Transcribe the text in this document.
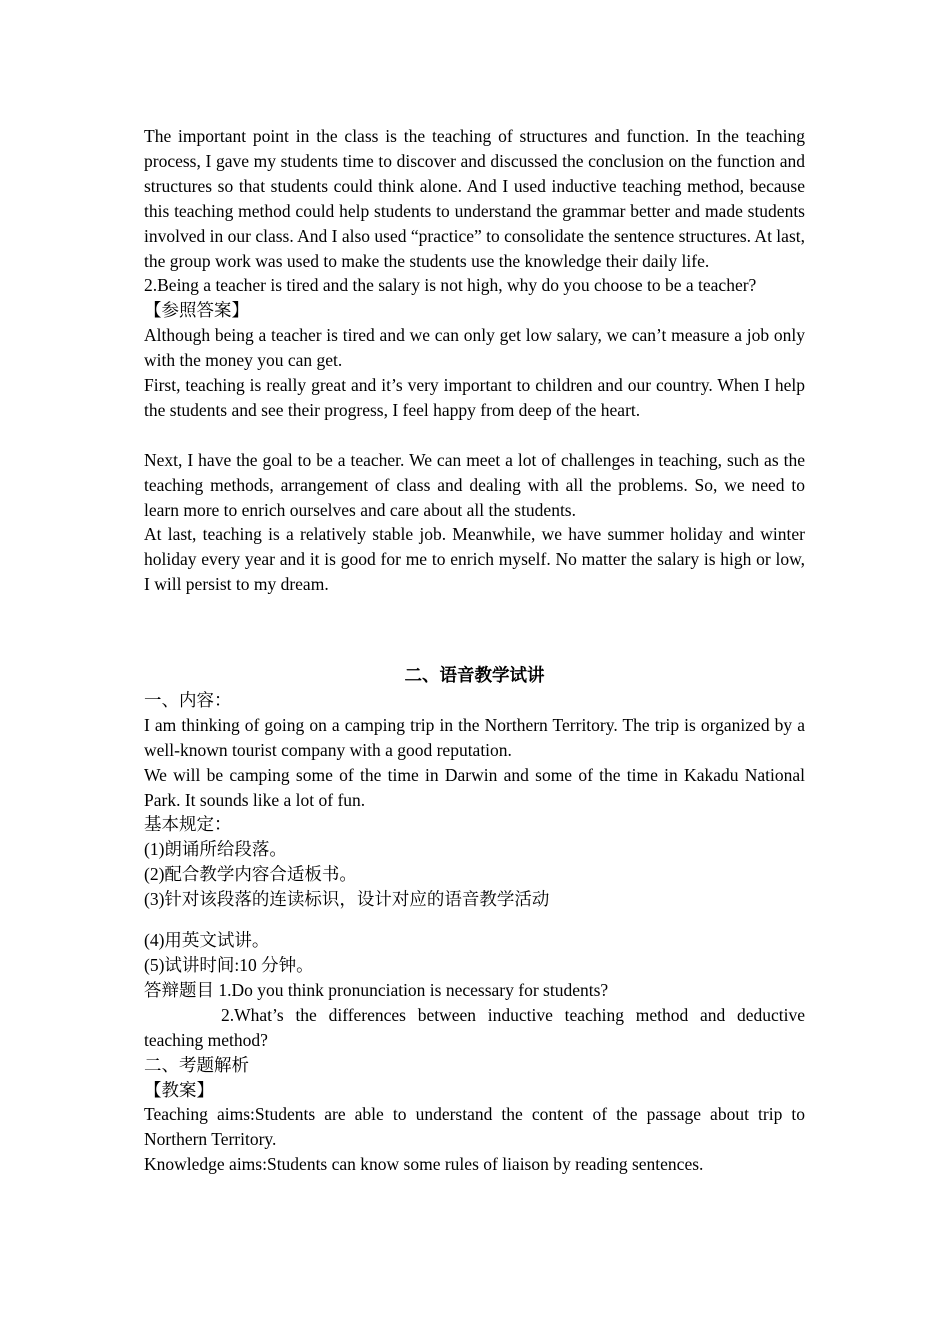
The important point in the class is the teaching of structures and function. In the teaching process, I gave my students time to discover and discussed the conclusion on the function and structures so that students could think alone. And I used inductive teaching method, because this teaching method could help students to understand the grammar better and made students involved in our class. And I also used “practice” to consolidate the sentence structures. At last, the group work was used to make the students use the knowledge their daily life.

2.Being a teacher is tired and the salary is not high, why do you choose to be a teacher?

【参照答案】

Although being a teacher is tired and we can only get low salary, we can’t measure a job only with the money you can get.

First, teaching is really great and it’s very important to children and our country. When I help the students and see their progress, I feel happy from deep of the heart.

Next, I have the goal to be a teacher. We can meet a lot of challenges in teaching, such as the teaching methods, arrangement of class and dealing with all the problems. So, we need to learn more to enrich ourselves and care about all the students.

At last, teaching is a relatively stable job. Meanwhile, we have summer holiday and winter holiday every year and it is good for me to enrich myself. No matter the salary is high or low, I will persist to my dream.

二、语音教学试讲

一、内容：

I am thinking of going on a camping trip in the Northern Territory. The trip is organized by a well-known tourist company with a good reputation.

We will be camping some of the time in Darwin and some of the time in Kakadu National Park. It sounds like a lot of fun.

基本规定：

(1)朗诵所给段落。

(2)配合教学内容合适板书。

(3)针对该段落的连读标识，设计对应的语音教学活动

(4)用英文试讲。

(5)试讲时间:10 分钟。

答辩题目 1.Do you think pronunciation is necessary for students?

2.What’s the differences between inductive teaching method and deductive teaching method?

二、考题解析

【教案】

Teaching aims:Students are able to understand the content of the passage about trip to Northern Territory.

Knowledge aims:Students can know some rules of liaison by reading sentences.
